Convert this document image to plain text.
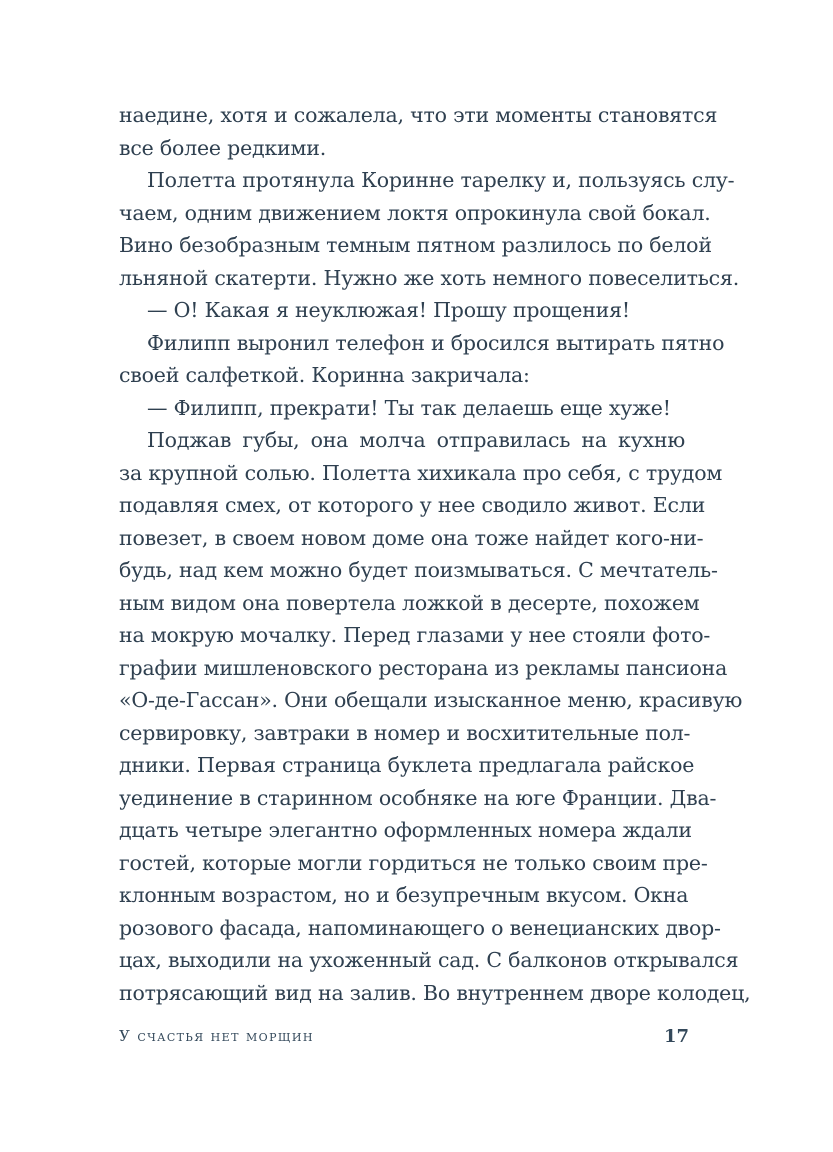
наедине, хотя и сожалела, что эти моменты становятся
все более редкими.
Полетта протянула Коринне тарелку и, пользуясь слу-
чаем, одним движением локтя опрокинула свой бокал.
Вино безобразным темным пятном разлилось по белой
льняной скатерти. Нужно же хоть немного повеселиться.
— О! Какая я неуклюжая! Прошу прощения!
Филипп выронил телефон и бросился вытирать пятно
своей салфеткой. Коринна закричала:
— Филипп, прекрати! Ты так делаешь еще хуже!
Поджав губы, она молча отправилась на кухню
за крупной солью. Полетта хихикала про себя, с трудом
подавляя смех, от которого у нее сводило живот. Если
повезет, в своем новом доме она тоже найдет кого-ни-
будь, над кем можно будет поизмываться. С мечтатель-
ным видом она повертела ложкой в десерте, похожем
на мокрую мочалку. Перед глазами у нее стояли фото-
графии мишленовского ресторана из рекламы пансиона
«О-де-Гассан». Они обещали изысканное меню, красивую
сервировку, завтраки в номер и восхитительные пол-
дники. Первая страница буклета предлагала райское
уединение в старинном особняке на юге Франции. Два-
дцать четыре элегантно оформленных номера ждали
гостей, которые могли гордиться не только своим пре-
клонным возрастом, но и безупречным вкусом. Окна
розового фасада, напоминающего о венецианских двор-
цах, выходили на ухоженный сад. С балконов открывался
потрясающий вид на залив. Во внутреннем дворе колодец,
У счастья нет морщин	17
